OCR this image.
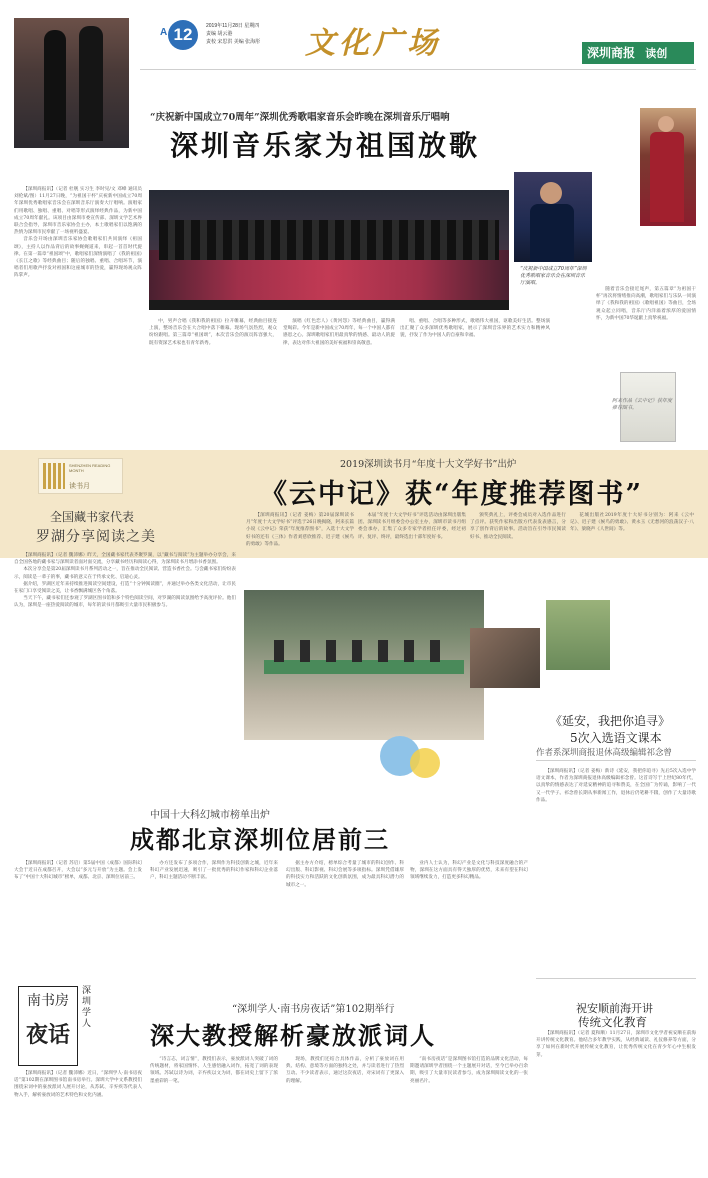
A 12	2019年11月28日 星期四
责编 胡云港
责校 宋思洪 美编 张海彤	文化广场	深圳商报 读创
“庆祝新中国成立70周年”深圳优秀歌唱家音乐会昨晚在深圳音乐厅唱响
深圳音乐家为祖国放歌

【深圳商报讯】（记者 杜舰 实习生 李时见/文 邓峰 通讯员 刘伦斌/图）11月27日晚，“为祖国干杯”庆祝新中国成立70周年深圳优秀歌唱家音乐会在深圳音乐厅演奏大厅唱响。演唱家们用歌唱、独唱、重唱、对唱等形式演绎经典作品，为新中国成立70周年献礼。该项目由深圳市委宣传部、深圳文学艺术界联合会指导，深圳市音乐家协会主办，本土歌唱家们以饱满的热情为深圳市民奉献了一场视听盛宴。

音乐会开场由深圳音乐家协会歌唱家们共同演绎《祖国颂》，主持人以作品背后的故事娓娓道来，串起一首首时代旋律。在第一篇章“祖国颂”中，歌唱家们深情演唱了《我的祖国》《长江之歌》等经典曲目；随后的独唱、重唱、合唱环节，演唱者们用歌声抒发对祖国和这座城市的热爱，赢得现场观众阵阵掌声。

“庆祝新中国成立70周年”深圳优秀歌唱家音乐会在深圳音乐厅演唱。

中，男声合唱《我和我的祖国》拉开帷幕，经典曲目接连上演，整场音乐会在大合唱中落下帷幕。现场气氛热烈，观众纷纷跟唱。第三篇章“祖国颂”，本次音乐会的演员阵容强大，既有资深艺术家也有青年新秀。

演唱《红色恋人》《黄河怨》等经典曲目，赢得满堂喝彩。今年是新中国成立70周年，每一个中国人都有感恩之心。深圳歌唱家们用最真挚的情感、最动人的旋律，表达对伟大祖国的美好祝福和崇高敬意。

唱、重唱、合唱等多种形式，歌唱伟大祖国，讴歌美好生活。整场演出汇聚了众多深圳优秀歌唱家，展示了深圳音乐界的艺术实力和精神风貌，抒发了作为中国人的自豪和幸福。

随着音乐会接近尾声，第五篇章“为祖国干杯”再次将情绪推向高潮，歌唱家们与乐队一同演绎了《我和我的祖国》《歌唱祖国》等曲目，全场观众起立同唱，音乐厅内洋溢着浓厚的爱国情怀，为新中国70华诞献上真挚祝福。

SHENZHEN READING MONTH
读书月
阿来作品《云中记》获年度推荐图书。
2019深圳读书月“年度十大文学好书”出炉
《云中记》获“年度推荐图书”

【深圳商报讯】（记者 姜梅）第20届深圳读书月“年度十大文学好书”评选于26日晚揭晓，阿来长篇小说《云中记》荣获“年度推荐图书”，入选十大文学好书的还有《三体》作者刘慈欣推荐、迟子建《候鸟的勇敢》等作品。

本届“年度十大文学好书”评选活动由深圳出版集团、深圳读书月组委会办公室主办，深圳市读书月组委会承办，汇集了众多专家学者担任评委，经过初评、复评、终评，最终选出十部年度好书。

颁奖典礼上，评委会成员对入选作品进行了点评。获奖作家和出版方代表发表感言，分享了创作背后的故事。活动旨在引导市民阅读好书、推动全民阅读。

花城出版社2019年度十大好书分别为：阿来《云中记》、迟子建《候鸟的勇敢》、黄永玉《无愁河的浪荡汉子·八年》、梁晓声《人世间》等。

全国藏书家代表
罗湖分享阅读之美

【深圳商报讯】（记者 魏沛娜）昨天，全国藏书家代表齐聚罗湖，以“藏书与阅读”为主题举办分享会，来自全国各地的藏书家与深圳读者面对面交流，分享藏书经历和阅读心得，为深圳读书月增添书香氛围。

本次分享会是第20届深圳读书月系列活动之一，旨在推动全民阅读、营造书香社会。与会藏书家们纷纷表示，阅读是一辈子的事，藏书的意义在于传承文化、启迪心灵。

据介绍，罗湖区近年来持续推进阅读空间建设，打造“十分钟阅读圈”，并通过举办各类文化活动，让市民在家门口享受阅读之美，让书香飘满城区各个角落。

当天下午，藏书家们还参观了罗湖区图书馆和多个特色阅读空间，对罗湖的阅读氛围给予高度评价。他们认为，深圳是一座热爱阅读的城市，每年的读书月都吸引大量市民积极参与。

《延安，我把你追寻》
5次入选语文课本
作者系深圳商报退休高级编辑祁念曾

【深圳商报讯】（记者 姜梅）新诗《延安，我把你追寻》先后5次入选中学语文课本，作者为深圳商报退休高级编辑祁念曾。这首诗写于上世纪80年代，以真挚的情感表达了对延安精神的追寻和赞美，在全国广为传诵，影响了一代又一代学子。祁念曾长期从事新闻工作，退休后仍笔耕不辍，创作了大量诗歌作品。

中国十大科幻城市榜单出炉
成都北京深圳位居前三

【深圳商报讯】（记者 苏启）第5届中国（成都）国际科幻大会于近日在成都召开，大会以“多元与开放”为主题。会上发布了“中国十大科幻城市”榜单，成都、北京、深圳位居前三。

办方还发布了多项合作，深圳作为科技创新之城，近年来科幻产业发展迅速，吸引了一批优秀的科幻作家和科幻企业落户，科幻主题活动不断丰富。

据主办方介绍，榜单综合考量了城市的科幻创作、科幻出版、科幻影视、科幻会展等多项指标。深圳凭借雄厚的科技实力和活跃的文化创新氛围，成为最具科幻潜力的城市之一。

业内人士认为，科幻产业是文化与科技深度融合的产物，深圳在这方面具有得天独厚的优势，未来有望在科幻领域继续发力，打造更多科幻精品。

祝安顺前海开讲
传统文化教育

【深圳商报讯】（记者 夏和顺）11月27日，深圳市文化学者祝安顺在前海开讲传统文化教育。他结合多年教学实践，从经典诵读、礼仪修养等方面，分享了如何在新时代开展传统文化教育，让优秀传统文化在青少年心中生根发芽。

深圳学人
南书房
夜话
“深圳学人·南书房夜话”第102期举行
深大教授解析豪放派词人

【深圳商报讯】（记者 魏沛娜）近日，“深圳学人·南书房夜话”第102期在深圳图书馆南书房举行。深圳大学中文系教授们围绕宋词中的豪放派词人展开讨论，从苏轼、辛弃疾等代表人物入手，解析豪放词的艺术特色和文化内涵。

“诗言志，词言情”，教授们表示，豪放派词人突破了词的传统题材，将家国情怀、人生感悟融入词作，拓宽了词的表现领域。苏轼以诗为词，辛弃疾以文为词，都在词史上留下了浓墨重彩的一笔。

现场，教授们还结合具体作品，分析了豪放词在用典、结构、意境等方面的独特之处，并与读者进行了热烈互动。不少读者表示，通过这次夜话，对宋词有了更深入的理解。

“南书房夜话”是深圳图书馆打造的品牌文化活动，每期邀请深圳学者围绕一个主题展开对话，至今已举办百余期，吸引了大量市民读者参与，成为深圳阅读文化的一张亮丽名片。
